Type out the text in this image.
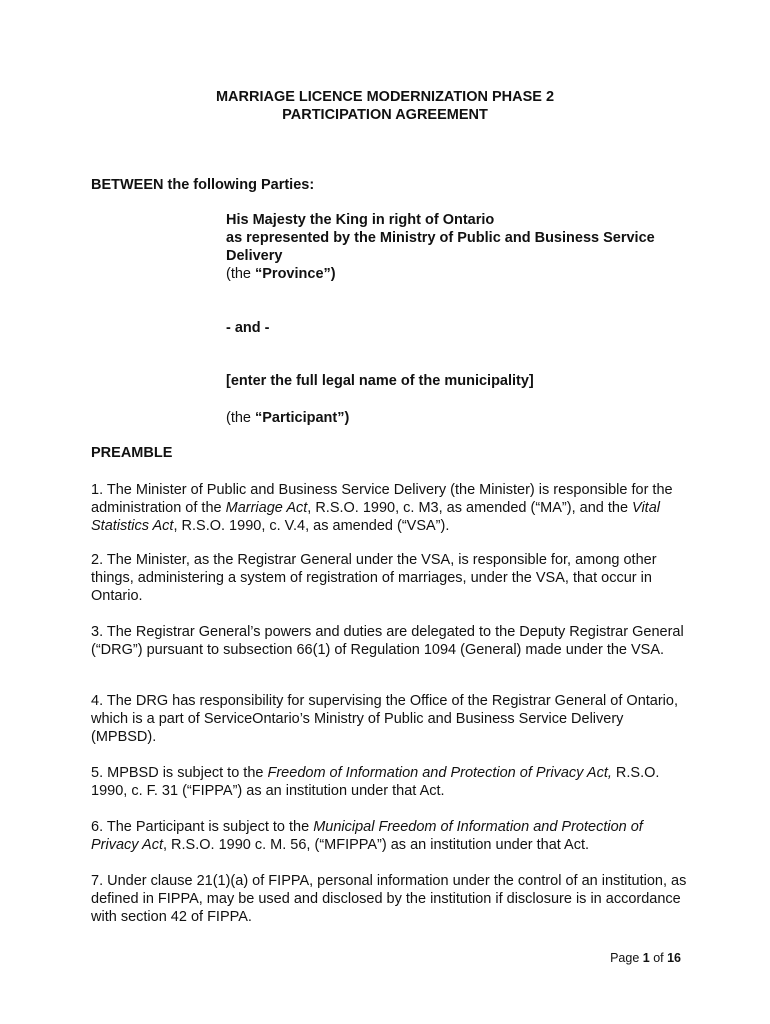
MARRIAGE LICENCE MODERNIZATION PHASE 2
PARTICIPATION AGREEMENT
BETWEEN the following Parties:
His Majesty the King in right of Ontario
as represented by the Ministry of Public and Business Service
Delivery
(the “Province”)
- and -
[enter the full legal name of the municipality]
(the “Participant”)
PREAMBLE
1. The Minister of Public and Business Service Delivery (the Minister) is responsible for the administration of the Marriage Act, R.S.O. 1990, c. M3, as amended (“MA”), and the Vital Statistics Act, R.S.O. 1990, c. V.4, as amended (“VSA”).
2. The Minister, as the Registrar General under the VSA, is responsible for, among other things, administering a system of registration of marriages, under the VSA, that occur in Ontario.
3. The Registrar General’s powers and duties are delegated to the Deputy Registrar General (“DRG”) pursuant to subsection 66(1) of Regulation 1094 (General) made under the VSA.
4. The DRG has responsibility for supervising the Office of the Registrar General of Ontario, which is a part of ServiceOntario’s Ministry of Public and Business Service Delivery (MPBSD).
5. MPBSD is subject to the Freedom of Information and Protection of Privacy Act, R.S.O. 1990, c. F. 31 (“FIPPA”) as an institution under that Act.
6. The Participant is subject to the Municipal Freedom of Information and Protection of Privacy Act, R.S.O. 1990 c. M. 56, (“MFIPPA”) as an institution under that Act.
7. Under clause 21(1)(a) of FIPPA, personal information under the control of an institution, as defined in FIPPA, may be used and disclosed by the institution if disclosure is in accordance with section 42 of FIPPA.
Page 1 of 16
